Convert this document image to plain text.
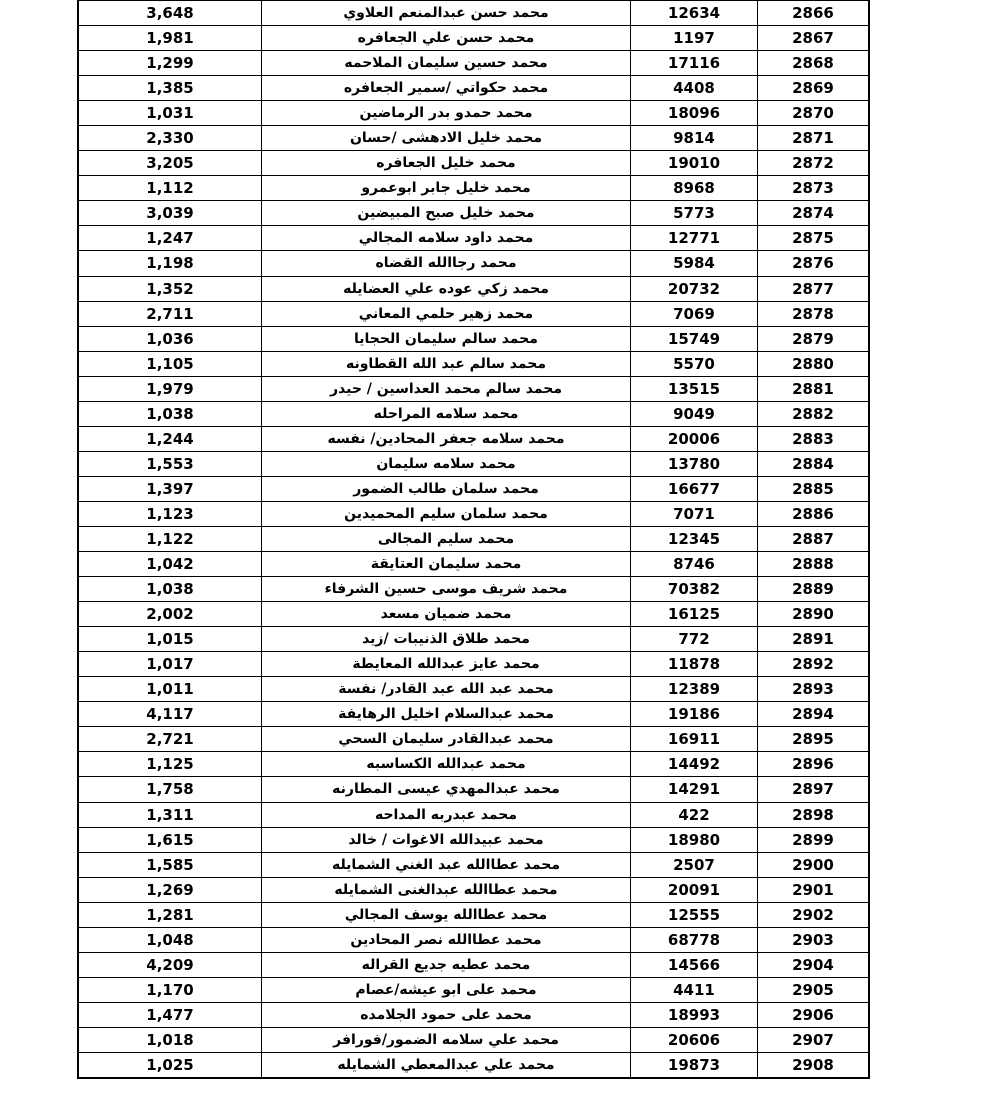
3,648	محمد حسن عبدالمنعم العلاوي	12634	2866
1,981	محمد حسن علي الجعافره	1197	2867
1,299	محمد حسين سليمان الملاحمه	17116	2868
1,385	محمد حكواتي /سمير الجعافره	4408	2869
1,031	محمد حمدو بدر الرماضين	18096	2870
2,330	محمد خليل الادهشى /حسان	9814	2871
3,205	محمد خليل الجعافره	19010	2872
1,112	محمد خليل جابر ابوعمرو	8968	2873
3,039	محمد خليل صبح المبيضين	5773	2874
1,247	محمد داود سلامه المجالي	12771	2875
1,198	محمد رجاالله القضاه	5984	2876
1,352	محمد زكي عوده علي العضايله	20732	2877
2,711	محمد زهير حلمي المعاني	7069	2878
1,036	محمد سالم سليمان الحجايا	15749	2879
1,105	محمد سالم عبد الله القطاونه	5570	2880
1,979	محمد سالم محمد العداسين / حيدر	13515	2881
1,038	محمد سلامه المراحله	9049	2882
1,244	محمد سلامه جعفر المحادين/ نفسه	20006	2883
1,553	محمد سلامه سليمان	13780	2884
1,397	محمد سلمان طالب الضمور	16677	2885
1,123	محمد سلمان سليم المحميدين	7071	2886
1,122	محمد سليم المجالى	12345	2887
1,042	محمد سليمان العتايقة	8746	2888
1,038	محمد شريف موسى حسين الشرفاء	70382	2889
2,002	محمد ضميان مسعد	16125	2890
1,015	محمد طلاق الذنيبات /زيد	772	2891
1,017	محمد عايز عبدالله المعايطة	11878	2892
1,011	محمد عبد الله عبد القادر/ نفسة	12389	2893
4,117	محمد عبدالسلام اخليل الرهايفة	19186	2894
2,721	محمد عبدالقادر سليمان السحي	16911	2895
1,125	محمد عبدالله الكساسبه	14492	2896
1,758	محمد عبدالمهدي عيسى المطارنه	14291	2897
1,311	محمد عبدربه المداحه	422	2898
1,615	محمد عبيدالله الاغوات / خالد	18980	2899
1,585	محمد عطاالله عبد الغني الشمايله	2507	2900
1,269	محمد عطاالله عبدالغنى الشمايله	20091	2901
1,281	محمد عطاالله يوسف المجالي	12555	2902
1,048	محمد عطاالله نصر المحادين	68778	2903
4,209	محمد عطيه جديع القراله	14566	2904
1,170	محمد على ابو عيشه/عصام	4411	2905
1,477	محمد على حمود الجلامده	18993	2906
1,018	محمد علي سلامه الضمور/فورافر	20606	2907
1,025	محمد علي عبدالمعطي الشمايله	19873	2908
